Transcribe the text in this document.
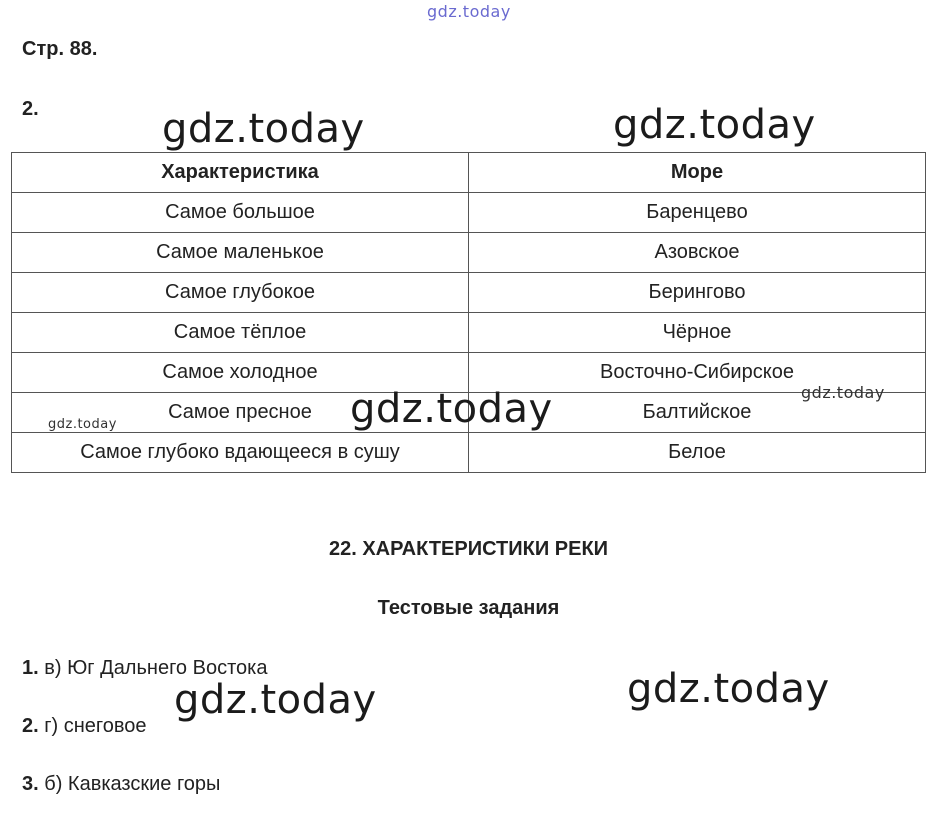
gdz.today
gdz.today	gdz.today
Стр. 88.
2.
Характеристика	Море
Самое большое	Баренцево
Самое маленькое	Азовское
Самое глубокое	Берингово
Самое тёплое	Чёрное
Самое холодное	Восточно-Сибирское
Самое пресное	Балтийское
Самое глубоко вдающееся в сушу	Белое
gdz.today	gdz.today	gdz.today
22. ХАРАКТЕРИСТИКИ РЕКИ
Тестовые задания
1. в) Юг Дальнего Востока
2. г) снеговое
3. б) Кавказские горы
gdz.today	gdz.today
